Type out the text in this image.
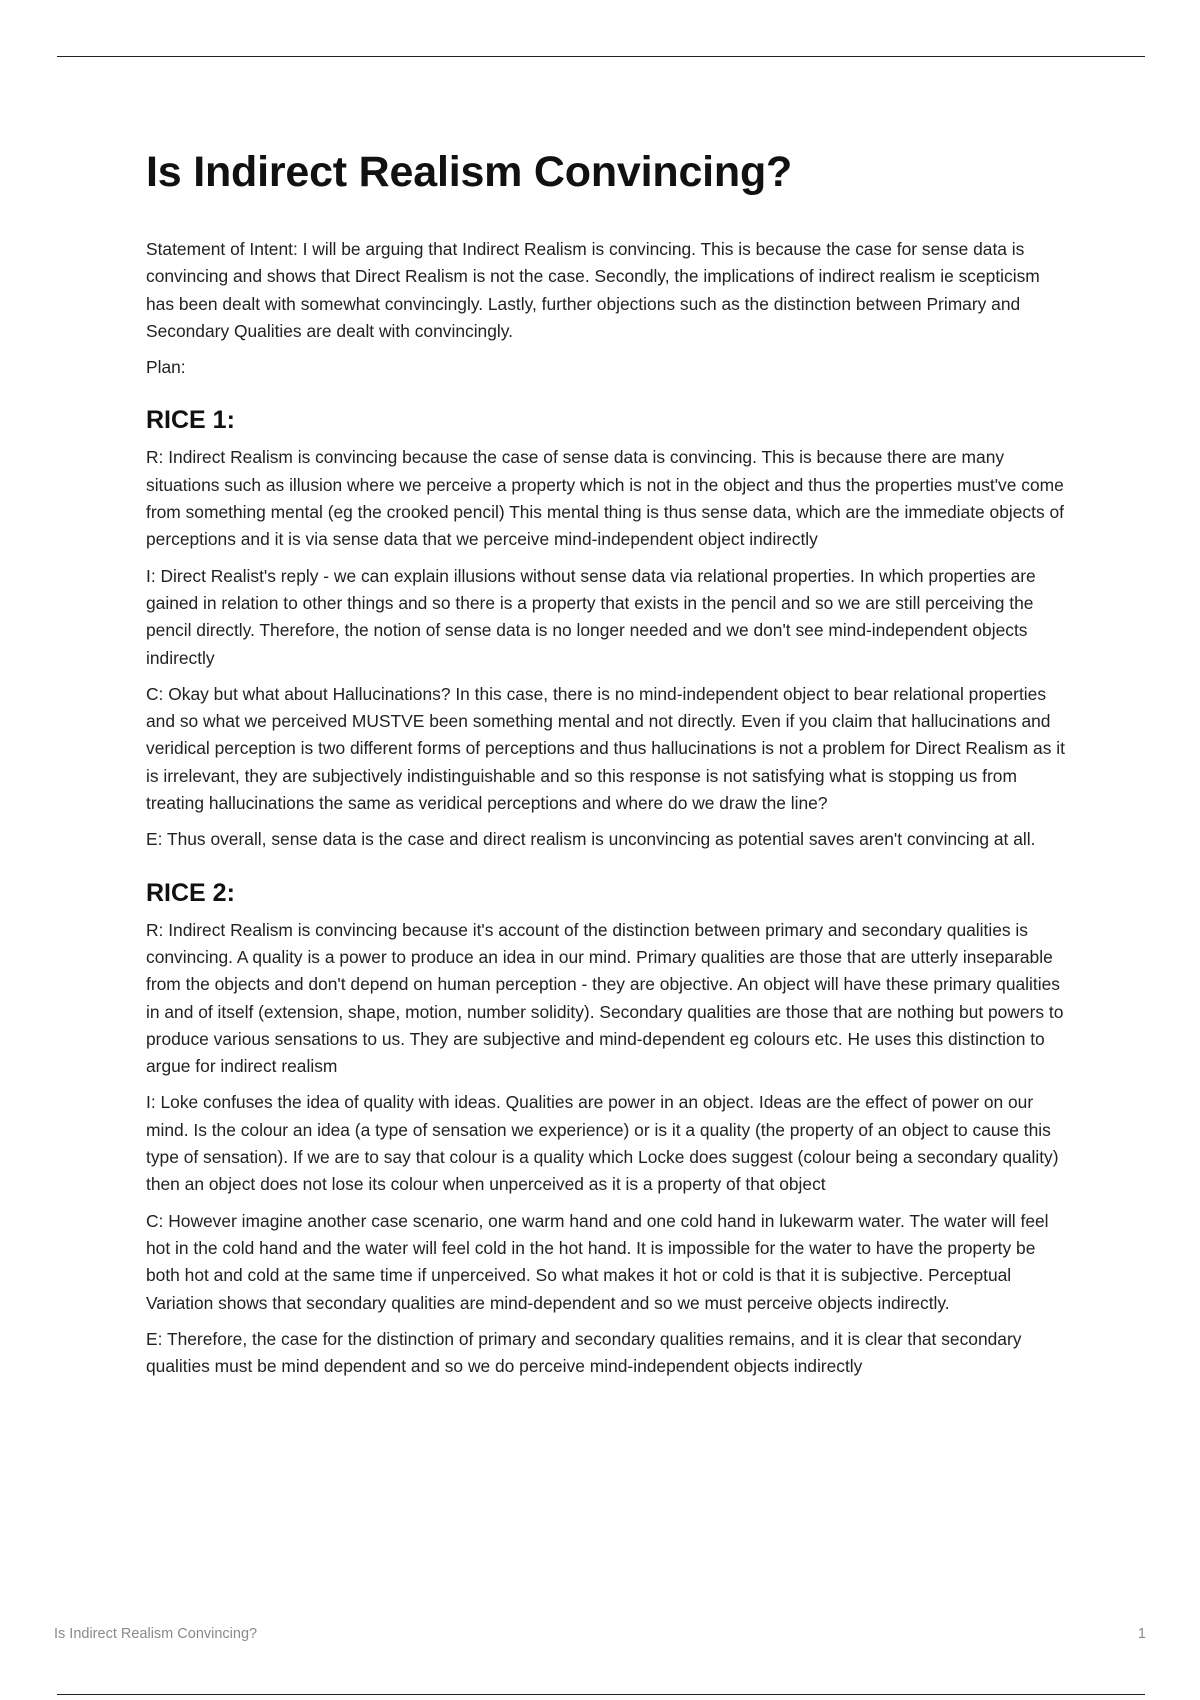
Is Indirect Realism Convincing?

Statement of Intent: I will be arguing that Indirect Realism is convincing. This is because the case for sense data is convincing and shows that Direct Realism is not the case. Secondly, the implications of indirect realism ie scepticism has been dealt with somewhat convincingly. Lastly, further objections such as the distinction between Primary and Secondary Qualities are dealt with convincingly.

Plan:

RICE 1:

R: Indirect Realism is convincing because the case of sense data is convincing. This is because there are many situations such as illusion where we perceive a property which is not in the object and thus the properties must've come from something mental (eg the crooked pencil) This mental thing is thus sense data, which are the immediate objects of perceptions and it is via sense data that we perceive mind-independent object indirectly

I: Direct Realist's reply - we can explain illusions without sense data via relational properties. In which properties are gained in relation to other things and so there is a property that exists in the pencil and so we are still perceiving the pencil directly. Therefore, the notion of sense data is no longer needed and we don't see mind-independent objects indirectly

C: Okay but what about Hallucinations? In this case, there is no mind-independent object to bear relational properties and so what we perceived MUSTVE been something mental and not directly. Even if you claim that hallucinations and veridical perception is two different forms of perceptions and thus hallucinations is not a problem for Direct Realism as it is irrelevant, they are subjectively indistinguishable and so this response is not satisfying what is stopping us from treating hallucinations the same as veridical perceptions and where do we draw the line?

E: Thus overall, sense data is the case and direct realism is unconvincing as potential saves aren't convincing at all.

RICE 2:

R: Indirect Realism is convincing because it's account of the distinction between primary and secondary qualities is convincing. A quality is a power to produce an idea in our mind. Primary qualities are those that are utterly inseparable from the objects and don't depend on human perception - they are objective. An object will have these primary qualities in and of itself (extension, shape, motion, number solidity). Secondary qualities are those that are nothing but powers to produce various sensations to us. They are subjective and mind-dependent eg colours etc. He uses this distinction to argue for indirect realism

I: Loke confuses the idea of quality with ideas. Qualities are power in an object. Ideas are the effect of power on our mind. Is the colour an idea (a type of sensation we experience) or is it a quality (the property of an object to cause this type of sensation). If we are to say that colour is a quality which Locke does suggest (colour being a secondary quality) then an object does not lose its colour when unperceived as it is a property of that object

C: However imagine another case scenario, one warm hand and one cold hand in lukewarm water. The water will feel hot in the cold hand and the water will feel cold in the hot hand. It is impossible for the water to have the property be both hot and cold at the same time if unperceived. So what makes it hot or cold is that it is subjective. Perceptual Variation shows that secondary qualities are mind-dependent and so we must perceive objects indirectly.

E: Therefore, the case for the distinction of primary and secondary qualities remains, and it is clear that secondary qualities must be mind dependent and so we do perceive mind-independent objects indirectly

Is Indirect Realism Convincing?	1
